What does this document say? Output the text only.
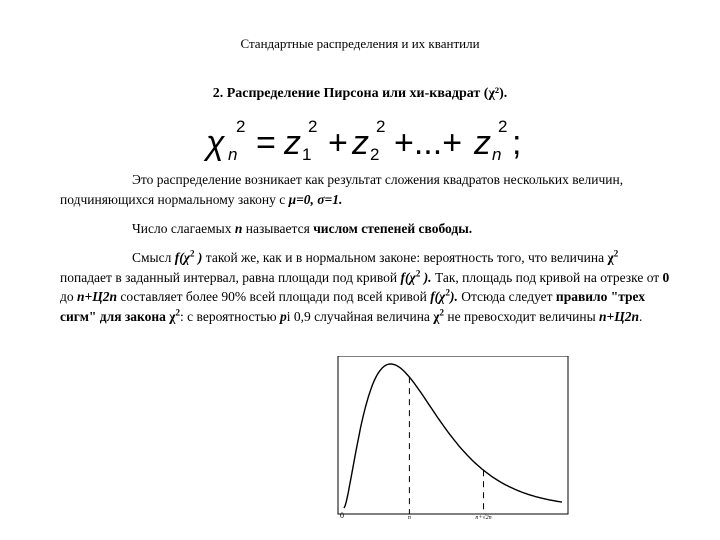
Стандартные распределения и их квантили
2. Распределение Пирсона или хи-квадрат (χ²).
χ n
2 = z 1
2 + z 2
2 +...+ z n
2 ;
Это распределение возникает как результат сложения квадратов нескольких величин, подчиняющихся нормальному закону с μ=0, σ=1.
Число слагаемых n называется числом степеней свободы.
Смысл $f(\chi^2$ ) такой же, как и в нормальном законе: вероятность того, что величина $\chi^2$ попадает в заданный интервал, равна площади под кривой $f(\chi^2$ ). Так, площадь под кривой на отрезке от 0 до n+Ц2n составляет более 90% всей площади под всей кривой $f(\chi^2)$. Отсюда следует правило "трех сигм" для закона $\chi^2$: с вероятностью pі 0,9 случайная величина $\chi^2$ не превосходит величины n+Ц2n.
0	n	n+√2n
